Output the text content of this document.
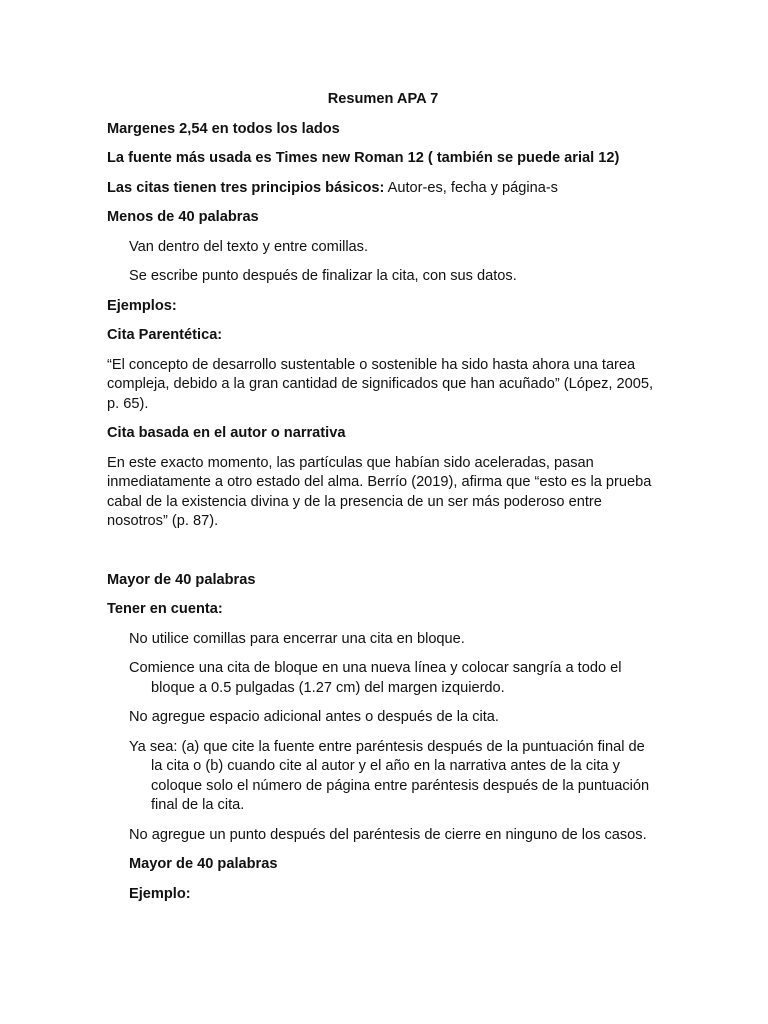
Resumen APA 7

Margenes 2,54 en todos los lados

La fuente más usada es Times new Roman 12 ( también se puede arial 12)

Las citas tienen tres principios básicos: Autor-es, fecha y página-s

Menos de 40 palabras

Van dentro del texto y entre comillas.

Se escribe punto después de finalizar la cita, con sus datos.

Ejemplos:

Cita Parentética:

“El concepto de desarrollo sustentable o sostenible ha sido hasta ahora una tarea compleja, debido a la gran cantidad de significados que han acuñado” (López, 2005, p. 65).

Cita basada en el autor o narrativa

En este exacto momento, las partículas que habían sido aceleradas, pasan inmediatamente a otro estado del alma. Berrío (2019), afirma que “esto es la prueba cabal de la existencia divina y de la presencia de un ser más poderoso entre nosotros” (p. 87).

Mayor de 40 palabras

Tener en cuenta:

No utilice comillas para encerrar una cita en bloque.

Comience una cita de bloque en una nueva línea y colocar sangría a todo el bloque a 0.5 pulgadas (1.27 cm) del margen izquierdo.

No agregue espacio adicional antes o después de la cita.

Ya sea: (a) que cite la fuente entre paréntesis después de la puntuación final de la cita o (b) cuando cite al autor y el año en la narrativa antes de la cita y coloque solo el número de página entre paréntesis después de la puntuación final de la cita.

No agregue un punto después del paréntesis de cierre en ninguno de los casos.

Mayor de 40 palabras

Ejemplo:
